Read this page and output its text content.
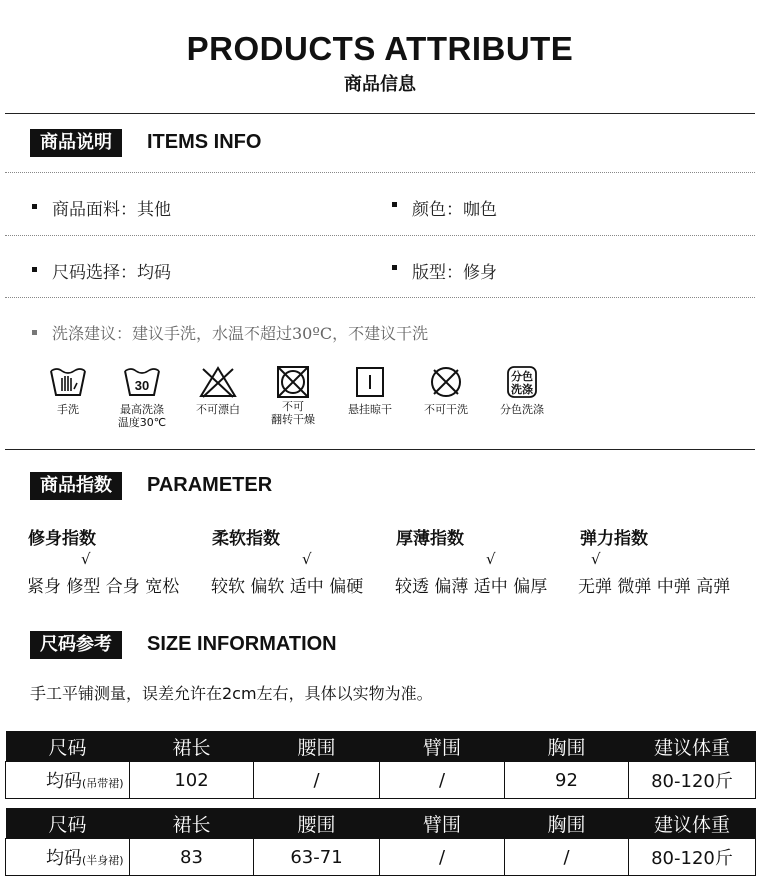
PRODUCTS ATTRIBUTE
商品信息
商品说明	ITEMS INFO
商品面料：其他	颜色：咖色
尺码选择：均码	版型：修身
洗涤建议：建议手洗，水温不超过30ºC，不建议干洗
手洗
30
最高洗涤
温度30℃
不可漂白	不可
翻转干燥
悬挂晾干	不可干洗
分色
洗涤
分色洗涤
商品指数	PARAMETER
修身指数
√
紧身 修型 合身 宽松
柔软指数
√
较软 偏软 适中 偏硬
厚薄指数
√
较透 偏薄 适中 偏厚
弹力指数
√
无弹 微弹 中弹 高弹
尺码参考	SIZE INFORMATION
手工平铺测量，误差允许在2cm左右，具体以实物为准。
尺码	裙长	腰围	臂围	胸围	建议体重
均码(吊带裙)	102	/	/	92	80-120斤
尺码	裙长	腰围	臂围	胸围	建议体重
均码(半身裙)	83	63-71	/	/	80-120斤
